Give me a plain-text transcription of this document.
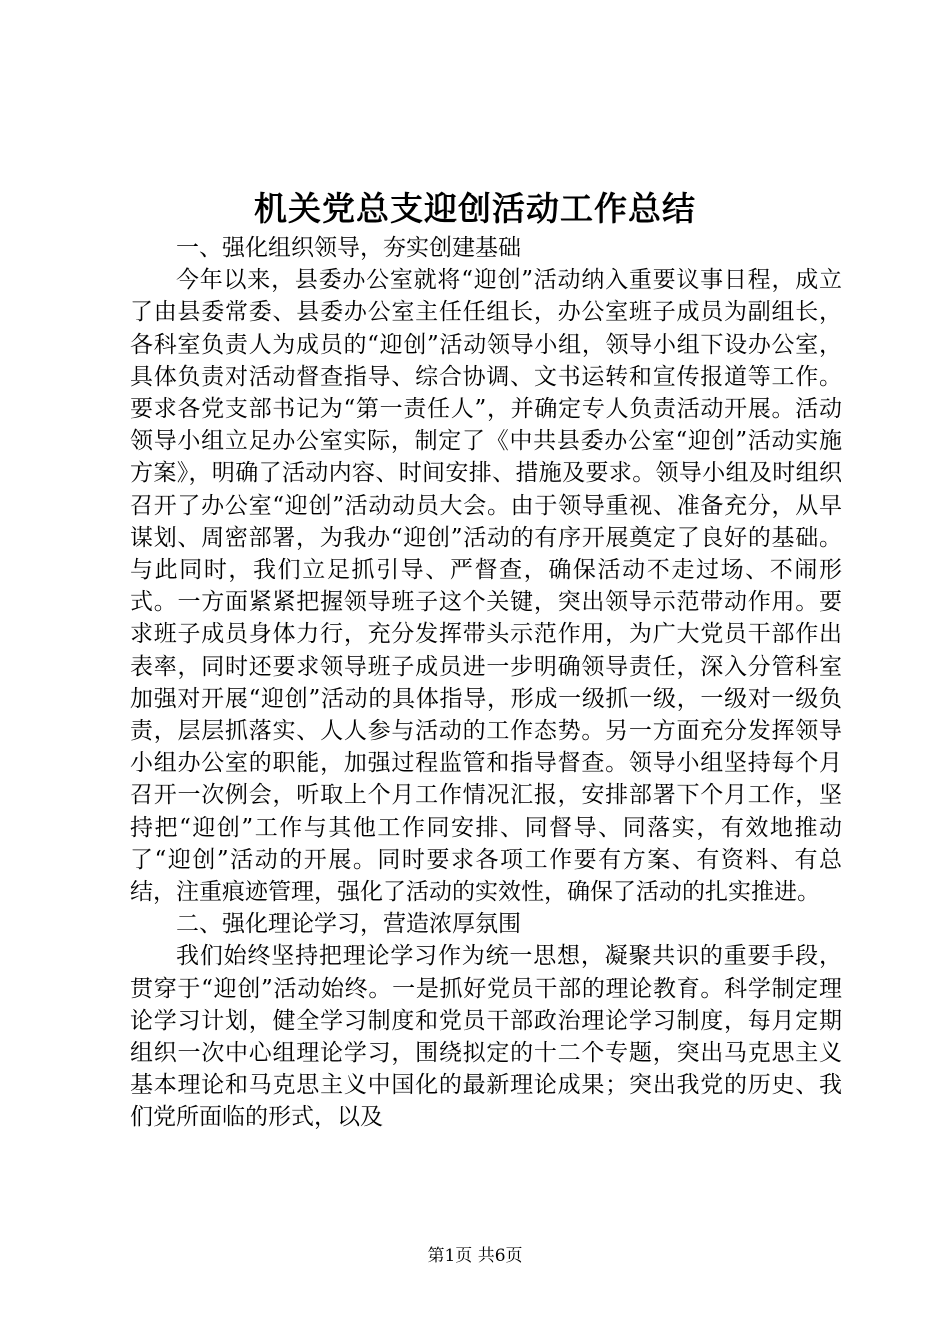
机关党总支迎创活动工作总结

一、强化组织领导，夯实创建基础

今年以来，县委办公室就将“迎创”活动纳入重要议事日程，成立了由县委常委、县委办公室主任任组长，办公室班子成员为副组长，各科室负责人为成员的“迎创”活动领导小组，领导小组下设办公室，具体负责对活动督查指导、综合协调、文书运转和宣传报道等工作。要求各党支部书记为“第一责任人”，并确定专人负责活动开展。活动领导小组立足办公室实际，制定了《中共县委办公室“迎创”活动实施方案》，明确了活动内容、时间安排、措施及要求。领导小组及时组织召开了办公室“迎创”活动动员大会。由于领导重视、准备充分，从早谋划、周密部署，为我办“迎创”活动的有序开展奠定了良好的基础。与此同时，我们立足抓引导、严督查，确保活动不走过场、不闹形式。一方面紧紧把握领导班子这个关键，突出领导示范带动作用。要求班子成员身体力行，充分发挥带头示范作用，为广大党员干部作出表率，同时还要求领导班子成员进一步明确领导责任，深入分管科室加强对开展“迎创”活动的具体指导，形成一级抓一级，一级对一级负责，层层抓落实、人人参与活动的工作态势。另一方面充分发挥领导小组办公室的职能，加强过程监管和指导督查。领导小组坚持每个月召开一次例会，听取上个月工作情况汇报，安排部署下个月工作，坚持把“迎创”工作与其他工作同安排、同督导、同落实，有效地推动了“迎创”活动的开展。同时要求各项工作要有方案、有资料、有总结，注重痕迹管理，强化了活动的实效性，确保了活动的扎实推进。

二、强化理论学习，营造浓厚氛围

我们始终坚持把理论学习作为统一思想，凝聚共识的重要手段，贯穿于“迎创”活动始终。一是抓好党员干部的理论教育。科学制定理论学习计划，健全学习制度和党员干部政治理论学习制度，每月定期组织一次中心组理论学习，围绕拟定的十二个专题，突出马克思主义基本理论和马克思主义中国化的最新理论成果；突出我党的历史、我们党所面临的形式，以及

第1页 共6页
